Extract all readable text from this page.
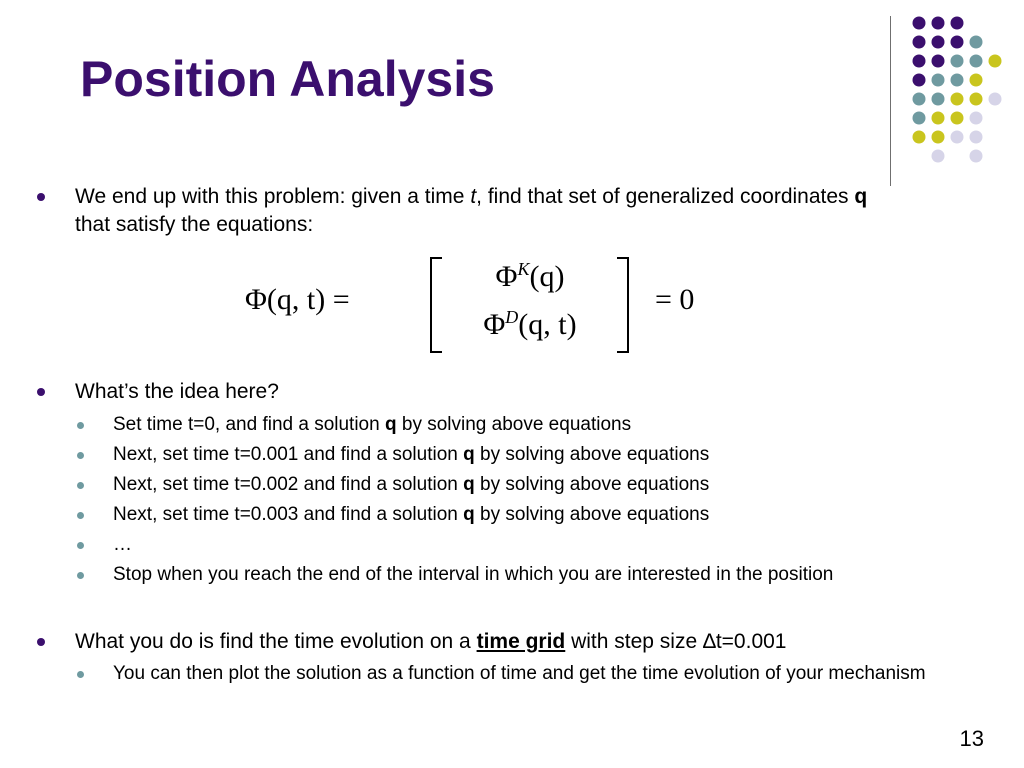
Position Analysis
We end up with this problem: given a time t, find that set of generalized coordinates q that satisfy the equations:
Φ(q, t) =
$\Phi^K(q)$
$\Phi^D(q$, t)
= 0
What’s the idea here?
Set time t=0, and find a solution q by solving above equations
Next, set time t=0.001 and find a solution q by solving above equations
Next, set time t=0.002 and find a solution q by solving above equations
Next, set time t=0.003 and find a solution q by solving above equations
…
Stop when you reach the end of the interval in which you are interested in the position
What you do is find the time evolution on a time grid with step size ∆t=0.001
You can then plot the solution as a function of time and get the time evolution of your mechanism
13
